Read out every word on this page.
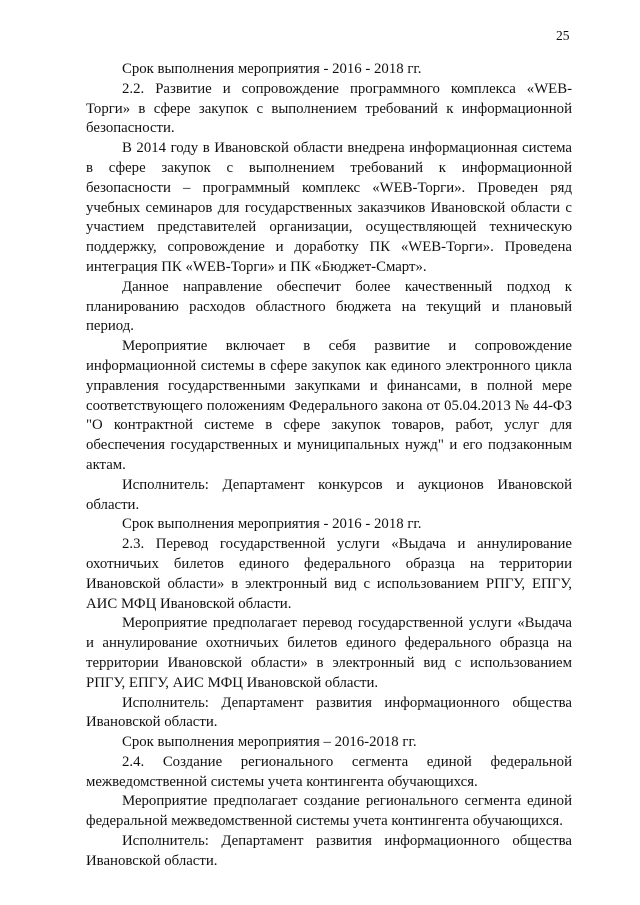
25

Срок выполнения мероприятия - 2016 - 2018 гг.

2.2. Развитие и сопровождение программного комплекса «WEB-Торги» в сфере закупок с выполнением требований к информационной безопасности.

В 2014 году в Ивановской области внедрена информационная система в сфере закупок с выполнением требований к информационной безопасности – программный комплекс «WEB-Торги». Проведен ряд учебных семинаров для государственных заказчиков Ивановской области с участием представителей организации, осуществляющей техническую поддержку, сопровождение и доработку ПК «WEB-Торги». Проведена интеграция ПК «WEB-Торги» и ПК «Бюджет-Смарт».

Данное направление обеспечит более качественный подход к планированию расходов областного бюджета на текущий и плановый период.

Мероприятие включает в себя развитие и сопровождение информационной системы в сфере закупок как единого электронного цикла управления государственными закупками и финансами, в полной мере соответствующего положениям Федерального закона от 05.04.2013 № 44-ФЗ "О контрактной системе в сфере закупок товаров, работ, услуг для обеспечения государственных и муниципальных нужд" и его подзаконным актам.

Исполнитель: Департамент конкурсов и аукционов Ивановской области.

Срок выполнения мероприятия - 2016 - 2018 гг.

2.3. Перевод государственной услуги «Выдача и аннулирование охотничьих билетов единого федерального образца на территории Ивановской области» в электронный вид с использованием РПГУ, ЕПГУ, АИС МФЦ Ивановской области.

Мероприятие предполагает перевод государственной услуги «Выдача и аннулирование охотничьих билетов единого федерального образца на территории Ивановской области» в электронный вид с использованием РПГУ, ЕПГУ, АИС МФЦ Ивановской области.

Исполнитель: Департамент развития информационного общества Ивановской области.

Срок выполнения мероприятия – 2016-2018 гг.

2.4. Создание регионального сегмента единой федеральной межведомственной системы учета контингента обучающихся.

Мероприятие предполагает создание регионального сегмента единой федеральной межведомственной системы учета контингента обучающихся.

Исполнитель: Департамент развития информационного общества Ивановской области.
